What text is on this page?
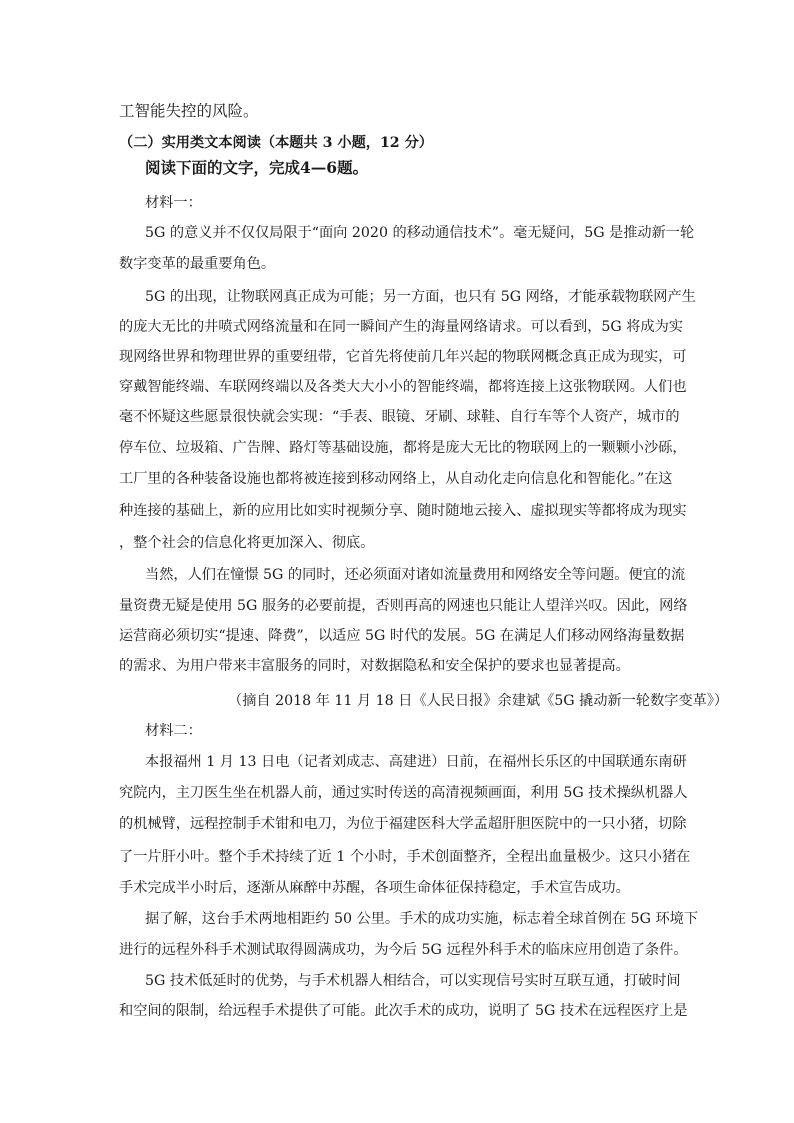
工智能失控的风险。
（二）实用类文本阅读（本题共 3 小题，12 分）
阅读下面的文字，完成4—6题。
材料一：
5G 的意义并不仅仅局限于“面向 2020 的移动通信技术”。毫无疑问，5G 是推动新一轮
数字变革的最重要角色。
5G 的出现，让物联网真正成为可能；另一方面，也只有 5G 网络，才能承载物联网产生
的庞大无比的井喷式网络流量和在同一瞬间产生的海量网络请求。可以看到，5G 将成为实
现网络世界和物理世界的重要纽带，它首先将使前几年兴起的物联网概念真正成为现实，可
穿戴智能终端、车联网终端以及各类大大小小的智能终端，都将连接上这张物联网。人们也
毫不怀疑这些愿景很快就会实现：“手表、眼镜、牙刷、球鞋、自行车等个人资产，城市的
停车位、垃圾箱、广告牌、路灯等基础设施，都将是庞大无比的物联网上的一颗颗小沙砾，
工厂里的各种装备设施也都将被连接到移动网络上，从自动化走向信息化和智能化。”在这
种连接的基础上，新的应用比如实时视频分享、随时随地云接入、虚拟现实等都将成为现实
，整个社会的信息化将更加深入、彻底。
当然，人们在憧憬 5G 的同时，还必须面对诸如流量费用和网络安全等问题。便宜的流
量资费无疑是使用 5G 服务的必要前提，否则再高的网速也只能让人望洋兴叹。因此，网络
运营商必须切实“提速、降费”，以适应 5G 时代的发展。5G 在满足人们移动网络海量数据
的需求、为用户带来丰富服务的同时，对数据隐私和安全保护的要求也显著提高。
（摘自 2018 年 11 月 18 日《人民日报》余建斌《5G 撬动新一轮数字变革》）
材料二：
本报福州 1 月 13 日电（记者刘成志、高建进）日前，在福州长乐区的中国联通东南研
究院内，主刀医生坐在机器人前，通过实时传送的高清视频画面，利用 5G 技术操纵机器人
的机械臂，远程控制手术钳和电刀，为位于福建医科大学孟超肝胆医院中的一只小猪，切除
了一片肝小叶。整个手术持续了近 1 个小时，手术创面整齐，全程出血量极少。这只小猪在
手术完成半小时后，逐渐从麻醉中苏醒，各项生命体征保持稳定，手术宣告成功。
据了解，这台手术两地相距约 50 公里。手术的成功实施，标志着全球首例在 5G 环境下
进行的远程外科手术测试取得圆满成功，为今后 5G 远程外科手术的临床应用创造了条件。
5G 技术低延时的优势，与手术机器人相结合，可以实现信号实时互联互通，打破时间
和空间的限制，给远程手术提供了可能。此次手术的成功，说明了 5G 技术在远程医疗上是
